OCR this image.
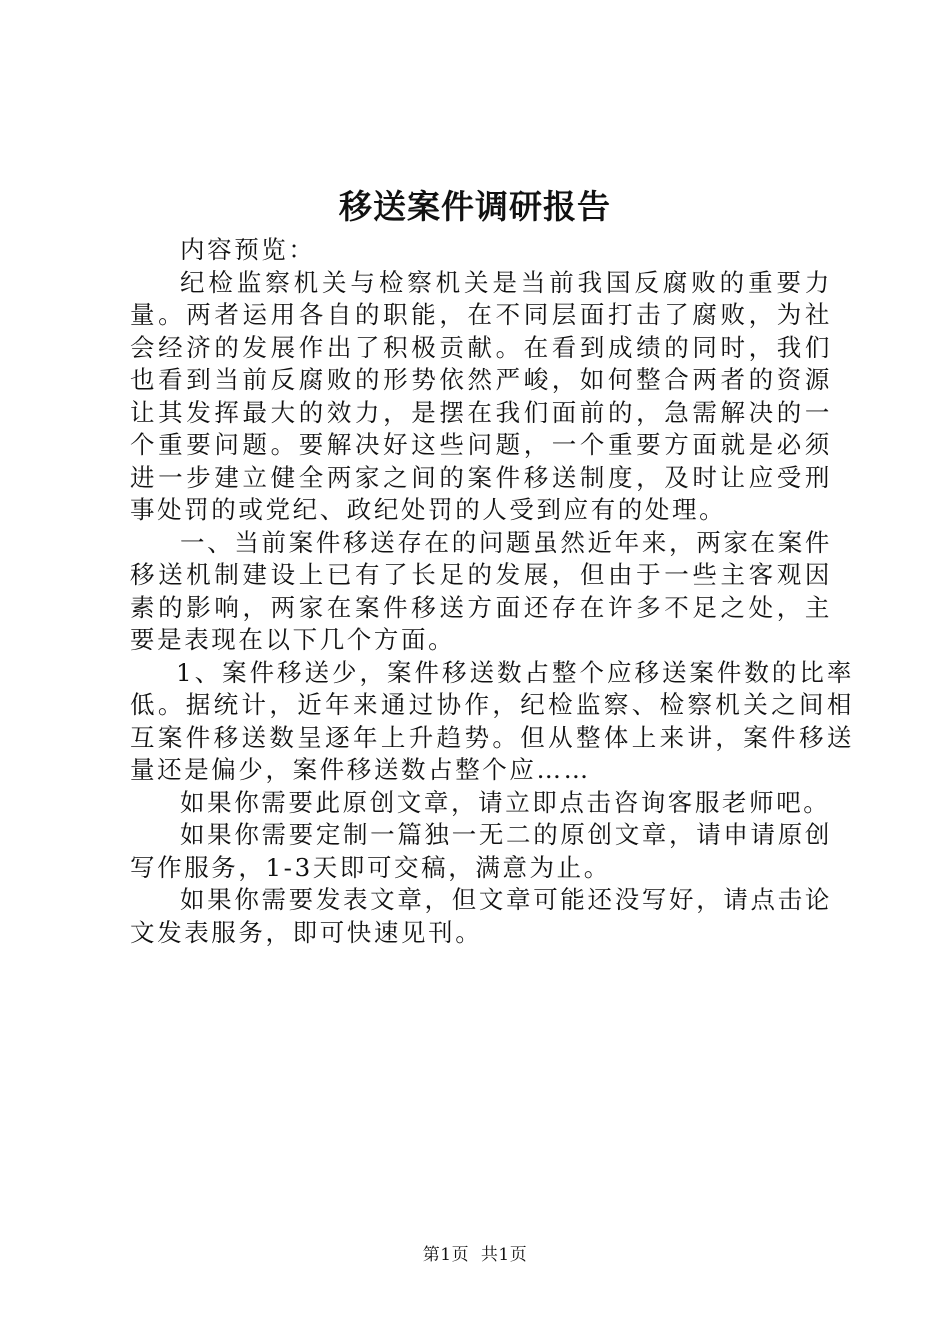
移送案件调研报告

内容预览：

纪检监察机关与检察机关是当前我国反腐败的重要力量。两者运用各自的职能，在不同层面打击了腐败，为社会经济的发展作出了积极贡献。在看到成绩的同时，我们也看到当前反腐败的形势依然严峻，如何整合两者的资源让其发挥最大的效力，是摆在我们面前的，急需解决的一个重要问题。要解决好这些问题，一个重要方面就是必须进一步建立健全两家之间的案件移送制度，及时让应受刑事处罚的或党纪、政纪处罚的人受到应有的处理。

一、当前案件移送存在的问题虽然近年来，两家在案件移送机制建设上已有了长足的发展，但由于一些主客观因素的影响，两家在案件移送方面还存在许多不足之处，主要是表现在以下几个方面。

1、案件移送少，案件移送数占整个应移送案件数的比率低。据统计，近年来通过协作，纪检监察、检察机关之间相互案件移送数呈逐年上升趋势。但从整体上来讲，案件移送量还是偏少，案件移送数占整个应……

如果你需要此原创文章，请立即点击咨询客服老师吧。

如果你需要定制一篇独一无二的原创文章，请申请原创写作服务，1-3天即可交稿，满意为止。

如果你需要发表文章，但文章可能还没写好，请点击论文发表服务，即可快速见刊。

第1页  共1页
